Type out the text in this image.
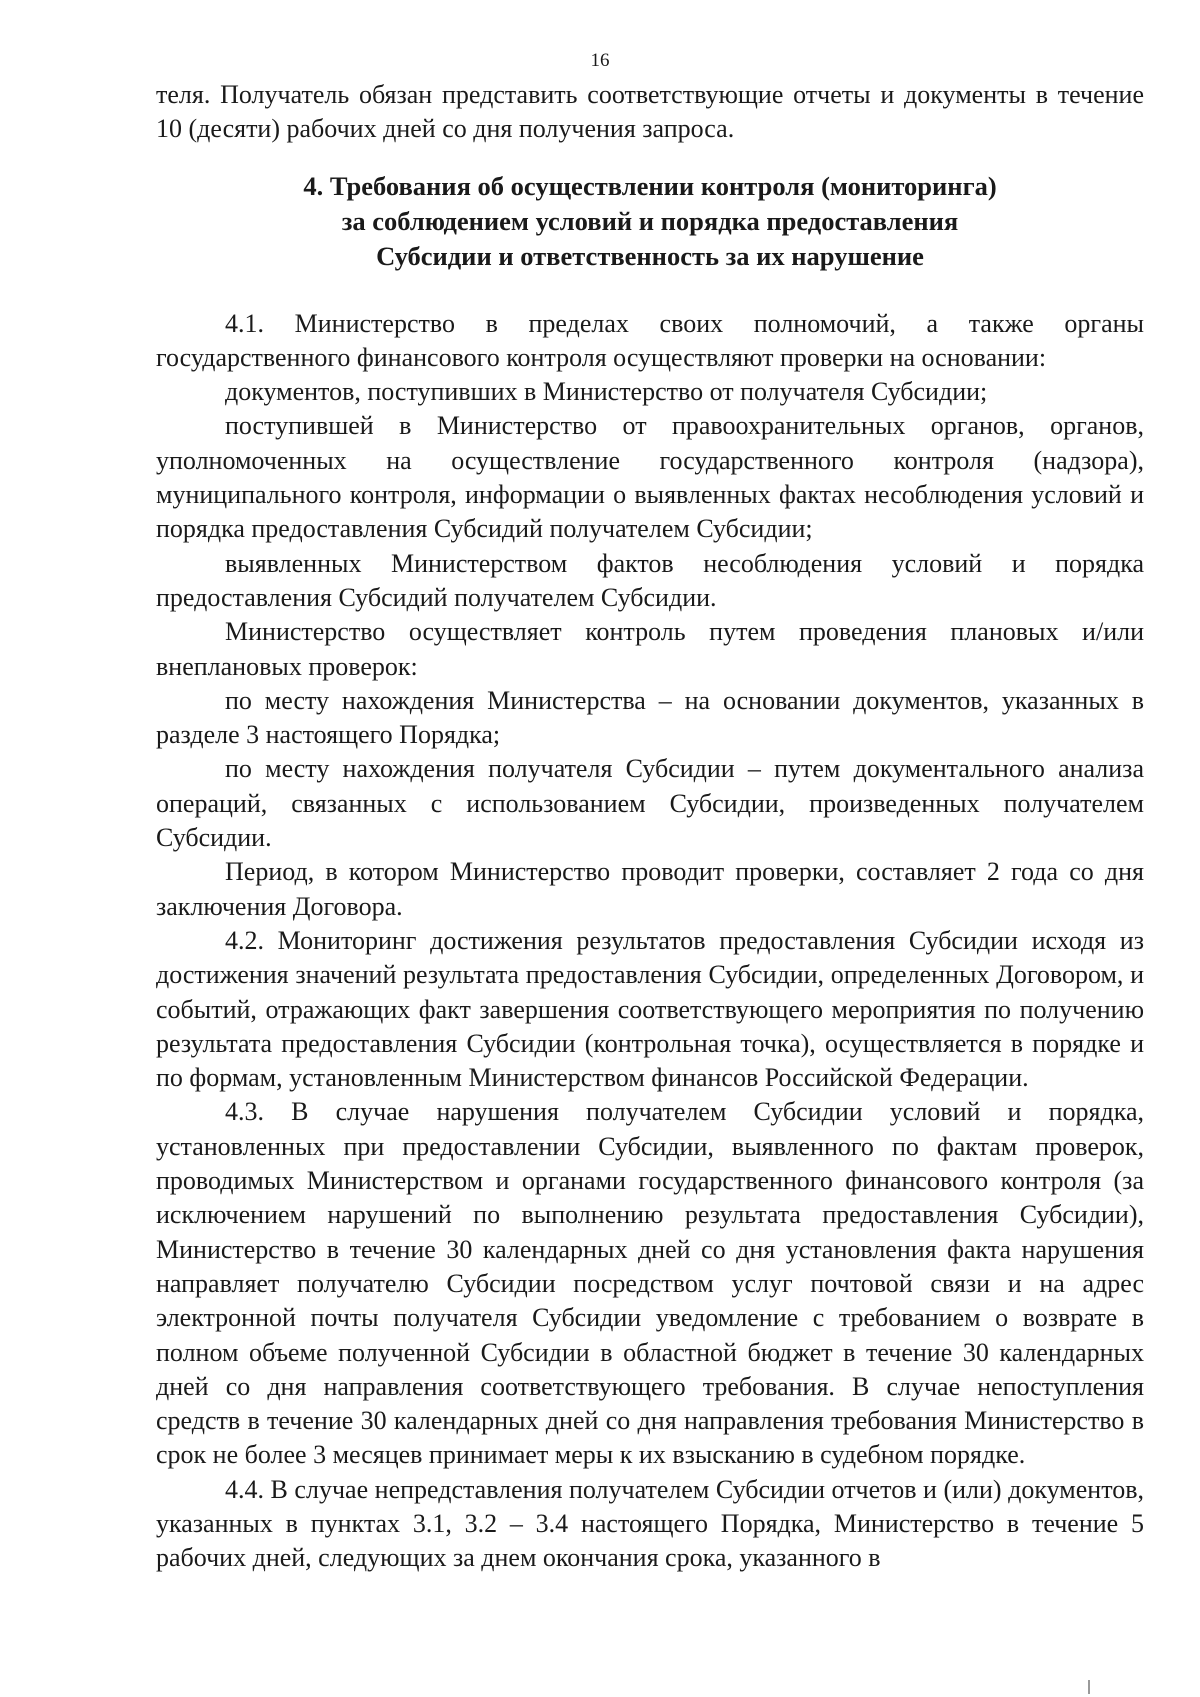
16

теля. Получатель обязан представить соответствующие отчеты и документы в течение 10 (десяти) рабочих дней со дня получения запроса.

4. Требования об осуществлении контроля (мониторинга)
за соблюдением условий и порядка предоставления
Субсидии и ответственность за их нарушение

4.1. Министерство в пределах своих полномочий, а также органы государственного финансового контроля осуществляют проверки на основании:

документов, поступивших в Министерство от получателя Субсидии;

поступившей в Министерство от правоохранительных органов, органов, уполномоченных на осуществление государственного контроля (надзора), муниципального контроля, информации о выявленных фактах несоблюдения условий и порядка предоставления Субсидий получателем Субсидии;

выявленных Министерством фактов несоблюдения условий и порядка предоставления Субсидий получателем Субсидии.

Министерство осуществляет контроль путем проведения плановых и/или внеплановых проверок:

по месту нахождения Министерства – на основании документов, указанных в разделе 3 настоящего Порядка;

по месту нахождения получателя Субсидии – путем документального анализа операций, связанных с использованием Субсидии, произведенных получателем Субсидии.

Период, в котором Министерство проводит проверки, составляет 2 года со дня заключения Договора.

4.2. Мониторинг достижения результатов предоставления Субсидии исходя из достижения значений результата предоставления Субсидии, определенных Договором, и событий, отражающих факт завершения соответствующего мероприятия по получению результата предоставления Субсидии (контрольная точка), осуществляется в порядке и по формам, установленным Министерством финансов Российской Федерации.

4.3. В случае нарушения получателем Субсидии условий и порядка, установленных при предоставлении Субсидии, выявленного по фактам проверок, проводимых Министерством и органами государственного финансового контроля (за исключением нарушений по выполнению результата предоставления Субсидии), Министерство в течение 30 календарных дней со дня установления факта нарушения направляет получателю Субсидии посредством услуг почтовой связи и на адрес электронной почты получателя Субсидии уведомление с требованием о возврате в полном объеме полученной Субсидии в областной бюджет в течение 30 календарных дней со дня направления соответствующего требования. В случае непоступления средств в течение 30 календарных дней со дня направления требования Министерство в срок не более 3 месяцев принимает меры к их взысканию в судебном порядке.

4.4. В случае непредставления получателем Субсидии отчетов и (или) документов, указанных в пунктах 3.1, 3.2 – 3.4 настоящего Порядка, Министерство в течение 5 рабочих дней, следующих за днем окончания срока, указанного в
